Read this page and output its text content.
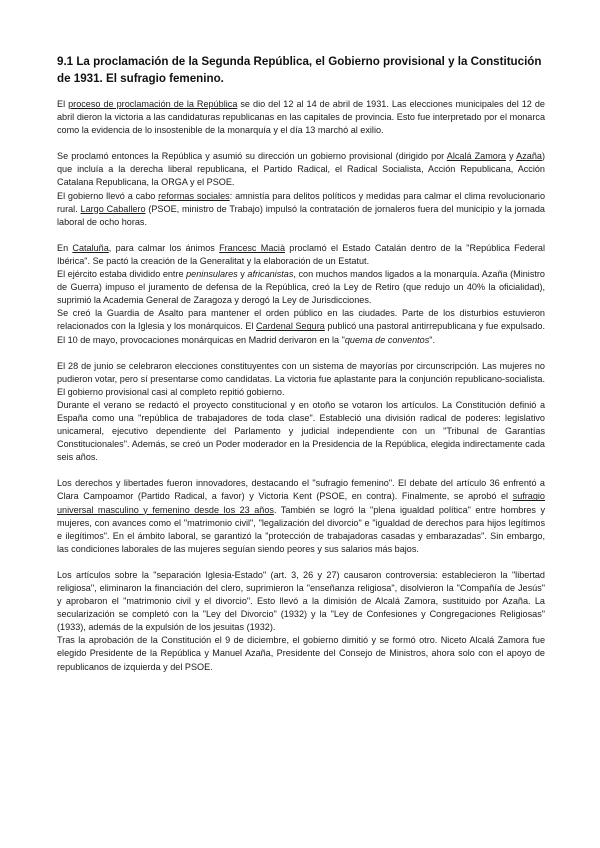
9.1 La proclamación de la Segunda República, el Gobierno provisional y la Constitución de 1931. El sufragio femenino.

El proceso de proclamación de la República se dio del 12 al 14 de abril de 1931. Las elecciones municipales del 12 de abril dieron la victoria a las candidaturas republicanas en las capitales de provincia. Esto fue interpretado por el monarca como la evidencia de lo insostenible de la monarquía y el día 13 marchó al exilio.

Se proclamó entonces la República y asumió su dirección un gobierno provisional (dirigido por Alcalá Zamora y Azaña) que incluía a la derecha liberal republicana, el Partido Radical, el Radical Socialista, Acción Republicana, Acción Catalana Republicana, la ORGA y el PSOE.

El gobierno llevó a cabo reformas sociales: amnistía para delitos políticos y medidas para calmar el clima revolucionario rural. Largo Caballero (PSOE, ministro de Trabajo) impulsó la contratación de jornaleros fuera del municipio y la jornada laboral de ocho horas.

En Cataluña, para calmar los ánimos Francesc Macià proclamó el Estado Catalán dentro de la "República Federal Ibérica". Se pactó la creación de la Generalitat y la elaboración de un Estatut.

El ejército estaba dividido entre peninsulares y africanistas, con muchos mandos ligados a la monarquía. Azaña (Ministro de Guerra) impuso el juramento de defensa de la República, creó la Ley de Retiro (que redujo un 40% la oficialidad), suprimió la Academia General de Zaragoza y derogó la Ley de Jurisdicciones.

Se creó la Guardia de Asalto para mantener el orden público en las ciudades. Parte de los disturbios estuvieron relacionados con la Iglesia y los monárquicos. El Cardenal Segura publicó una pastoral antirrepublicana y fue expulsado. El 10 de mayo, provocaciones monárquicas en Madrid derivaron en la "quema de conventos".

El 28 de junio se celebraron elecciones constituyentes con un sistema de mayorías por circunscripción. Las mujeres no pudieron votar, pero sí presentarse como candidatas. La victoria fue aplastante para la conjunción republicano-socialista. El gobierno provisional casi al completo repitió gobierno.

Durante el verano se redactó el proyecto constitucional y en otoño se votaron los artículos. La Constitución definió a España como una "república de trabajadores de toda clase". Estableció una división radical de poderes: legislativo unicameral, ejecutivo dependiente del Parlamento y judicial independiente con un "Tribunal de Garantías Constitucionales". Además, se creó un Poder moderador en la Presidencia de la República, elegida indirectamente cada seis años.

Los derechos y libertades fueron innovadores, destacando el "sufragio femenino". El debate del artículo 36 enfrentó a Clara Campoamor (Partido Radical, a favor) y Victoria Kent (PSOE, en contra). Finalmente, se aprobó el sufragio universal masculino y femenino desde los 23 años. También se logró la "plena igualdad política" entre hombres y mujeres, con avances como el "matrimonio civil", "legalización del divorcio" e "igualdad de derechos para hijos legítimos e ilegítimos". En el ámbito laboral, se garantizó la "protección de trabajadoras casadas y embarazadas". Sin embargo, las condiciones laborales de las mujeres seguían siendo peores y sus salarios más bajos.

Los artículos sobre la "separación Iglesia-Estado" (art. 3, 26 y 27) causaron controversia: establecieron la "libertad religiosa", eliminaron la financiación del clero, suprimieron la "enseñanza religiosa", disolvieron la "Compañía de Jesús" y aprobaron el "matrimonio civil y el divorcio". Esto llevó a la dimisión de Alcalá Zamora, sustituido por Azaña. La secularización se completó con la "Ley del Divorcio" (1932) y la "Ley de Confesiones y Congregaciones Religiosas" (1933), además de la expulsión de los jesuitas (1932).

Tras la aprobación de la Constitución el 9 de diciembre, el gobierno dimitió y se formó otro. Niceto Alcalá Zamora fue elegido Presidente de la República y Manuel Azaña, Presidente del Consejo de Ministros, ahora solo con el apoyo de republicanos de izquierda y del PSOE.
